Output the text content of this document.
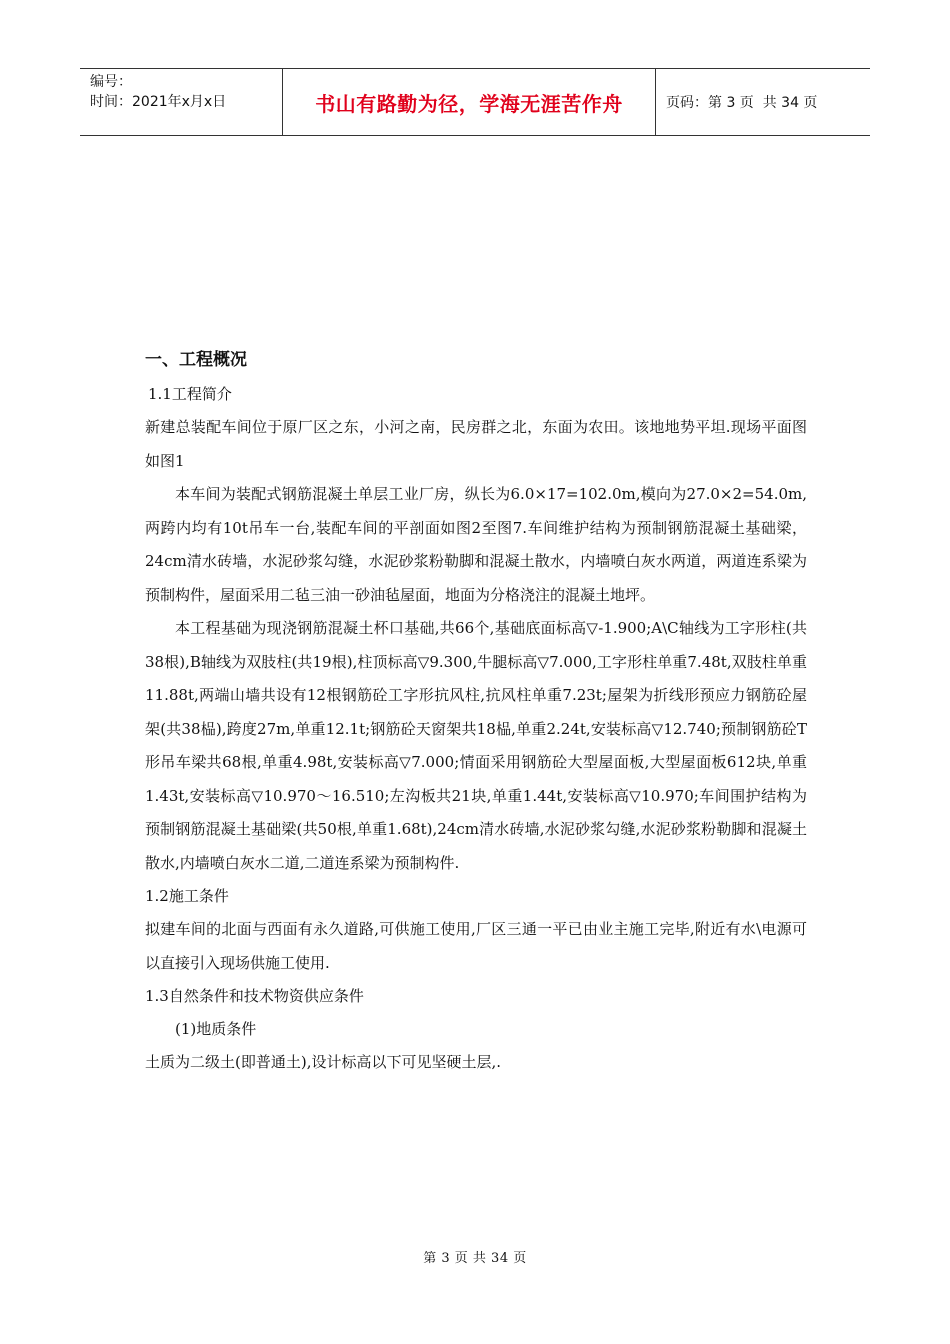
编号：
时间：2021年x月x日	书山有路勤为径，学海无涯苦作舟	页码：第 3 页  共 34 页
一、工程概况
1.1工程简介

新建总装配车间位于原厂区之东，小河之南，民房群之北，东面为农田。该地地势平坦.现场平面图如图1

本车间为装配式钢筋混凝土单层工业厂房，纵长为6.0×17=102.0m,模向为27.0×2=54.0m,两跨内均有10t吊车一台,装配车间的平剖面如图2至图7.车间维护结构为预制钢筋混凝土基础梁，24cm清水砖墙，水泥砂浆勾缝，水泥砂浆粉勒脚和混凝土散水，内墙喷白灰水两道，两道连系梁为预制构件，屋面采用二毡三油一砂油毡屋面，地面为分格浇注的混凝土地坪。

本工程基础为现浇钢筋混凝土杯口基础,共66个,基础底面标高▽-1.900;A\C轴线为工字形柱(共38根),B轴线为双肢柱(共19根),柱顶标高▽9.300,牛腿标高▽7.000,工字形柱单重7.48t,双肢柱单重11.88t,两端山墙共设有12根钢筋砼工字形抗风柱,抗风柱单重7.23t;屋架为折线形预应力钢筋砼屋架(共38榀),跨度27m,单重12.1t;钢筋砼天窗架共18榀,单重2.24t,安装标高▽12.740;预制钢筋砼T形吊车梁共68根,单重4.98t,安装标高▽7.000;情面采用钢筋砼大型屋面板,大型屋面板612块,单重1.43t,安装标高▽10.970～16.510;左沟板共21块,单重1.44t,安装标高▽10.970;车间围护结构为预制钢筋混凝土基础梁(共50根,单重1.68t),24cm清水砖墙,水泥砂浆勾缝,水泥砂浆粉勒脚和混凝土散水,内墙喷白灰水二道,二道连系梁为预制构件.

1.2施工条件

拟建车间的北面与西面有永久道路,可供施工使用,厂区三通一平已由业主施工完毕,附近有水\电源可以直接引入现场供施工使用.

1.3自然条件和技术物资供应条件
(1)地质条件

土质为二级土(即普通土),设计标高以下可见坚硬土层,.

第 3 页 共 34 页
